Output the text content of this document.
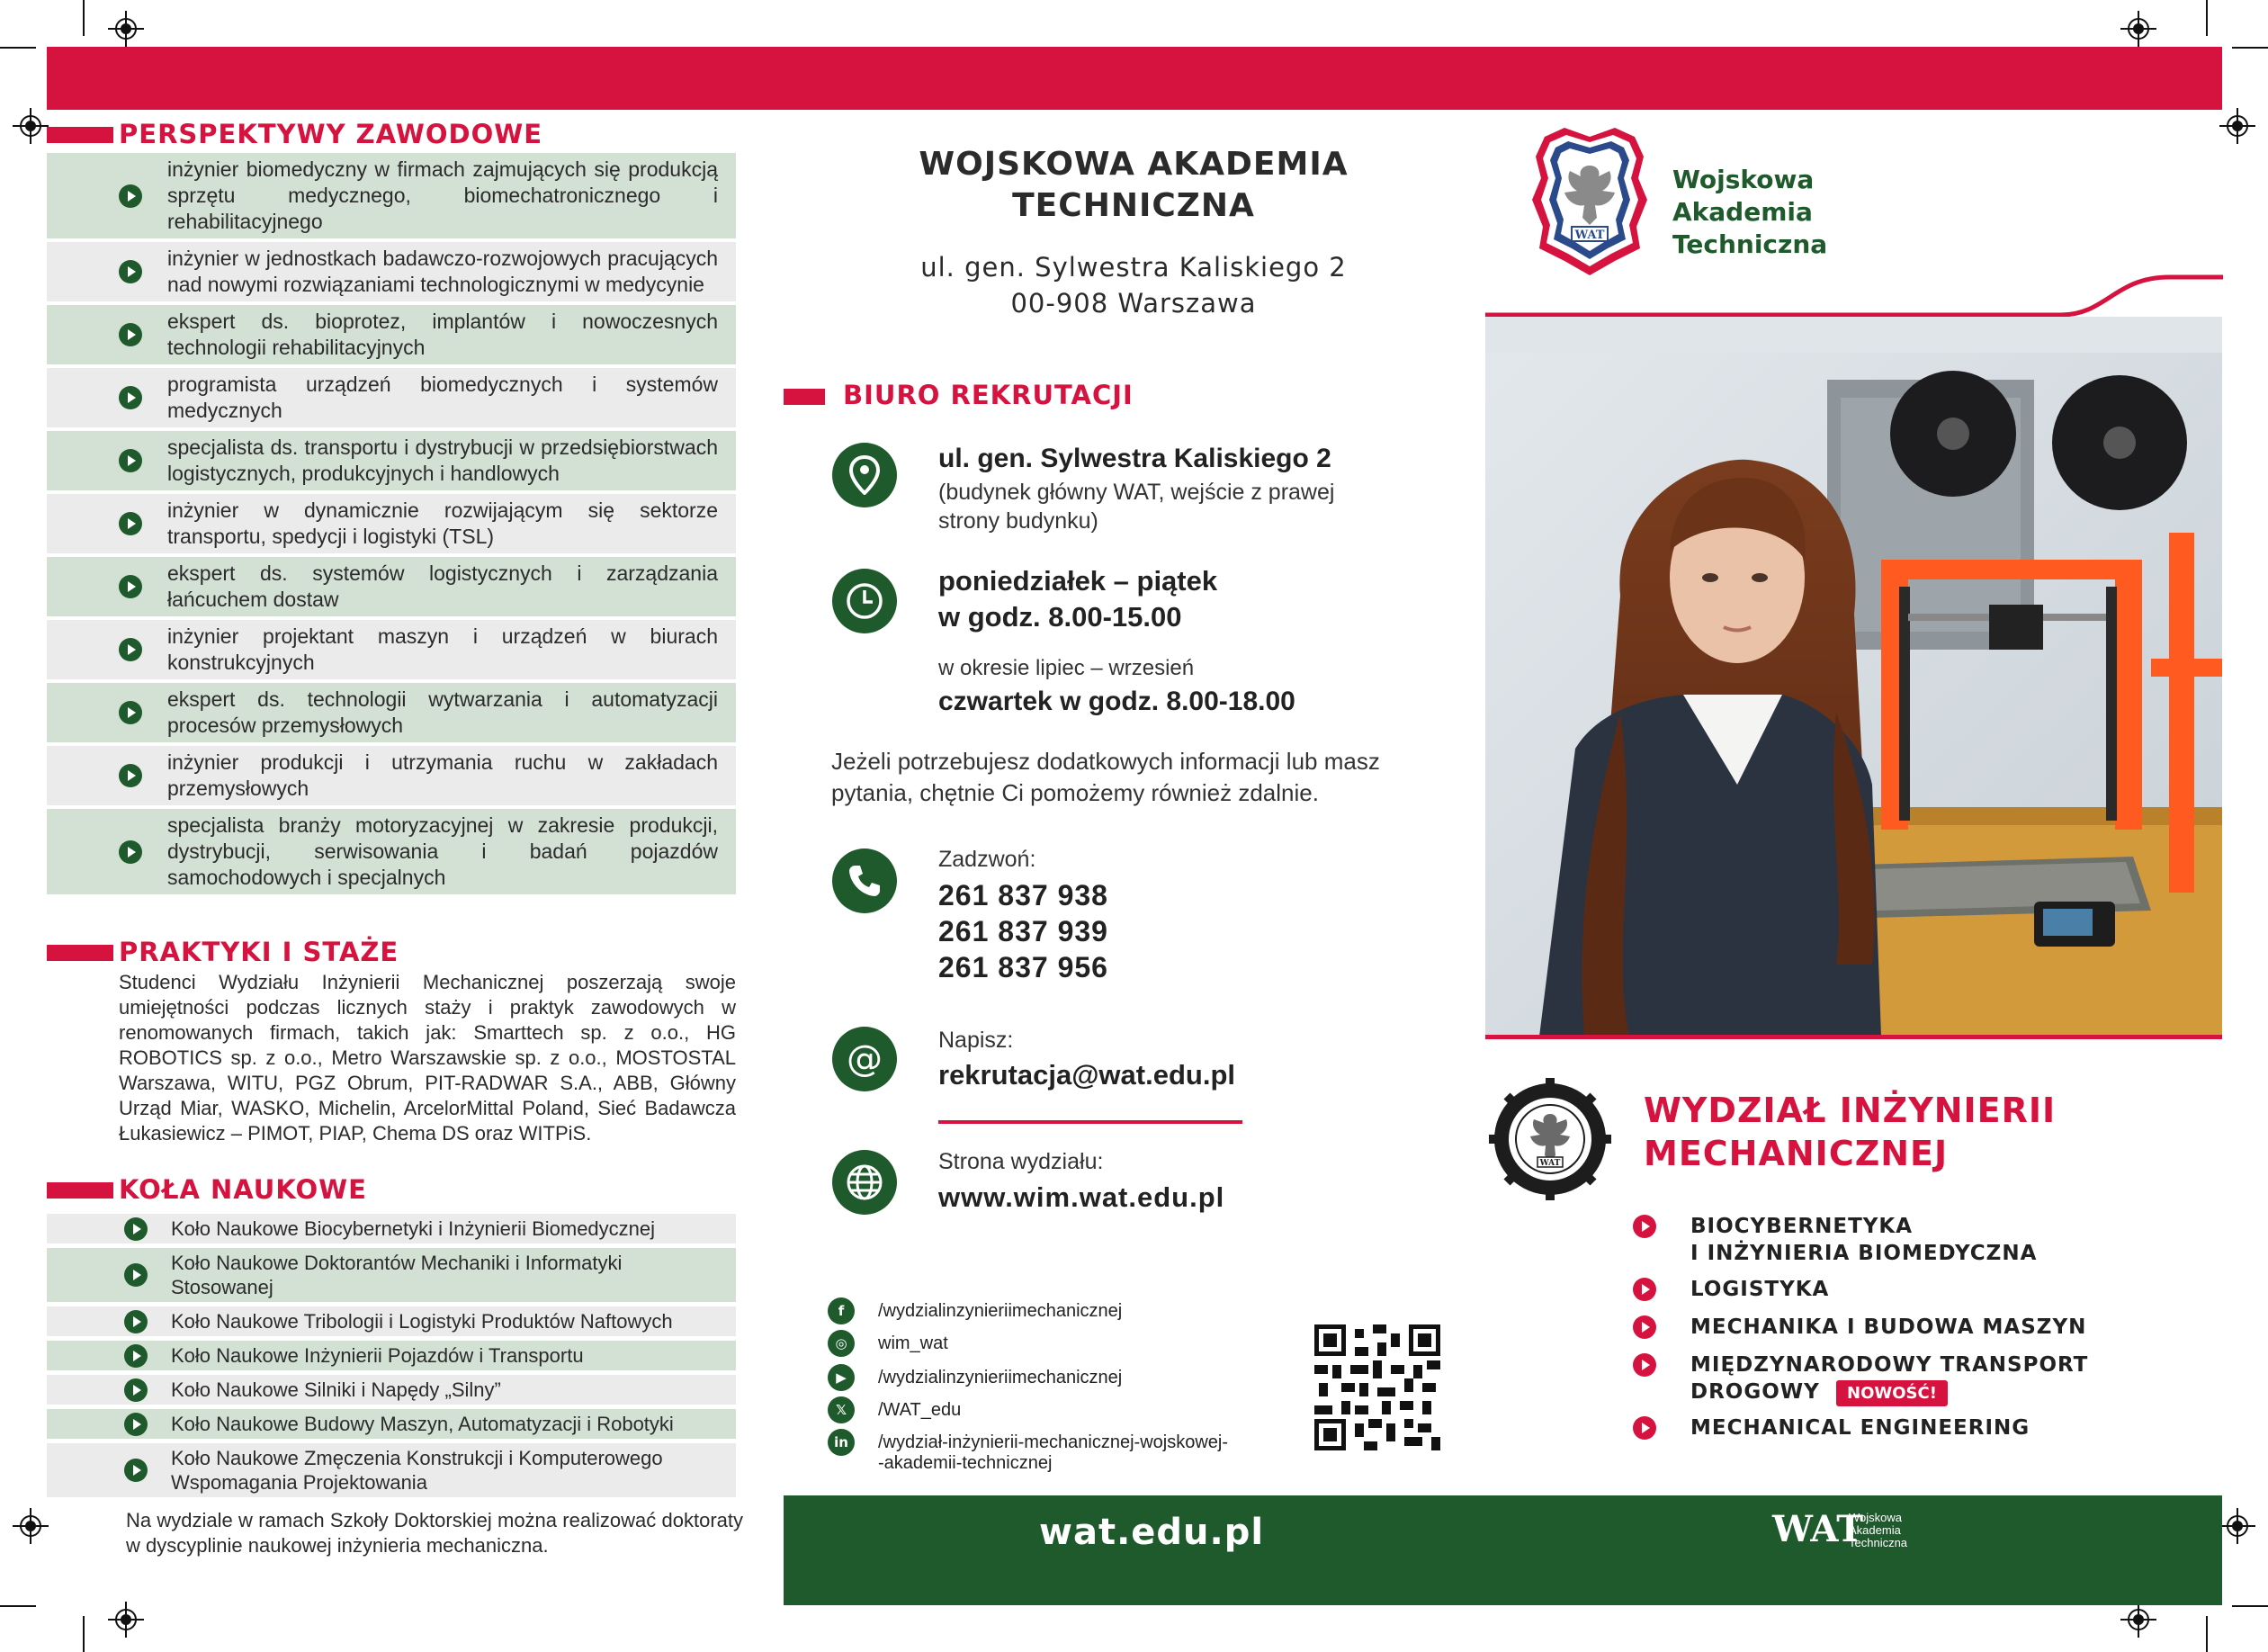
PERSPEKTYWY ZAWODOWE
inżynier biomedyczny w firmach zajmujących się produkcją sprzętu medycznego, biomechatronicznego i rehabilitacyjnego
inżynier w jednostkach badawczo-rozwojowych pracujących nad nowymi rozwiązaniami technologicznymi w medycynie
ekspert ds. bioprotez, implantów i nowoczesnych technologii rehabilitacyjnych
programista urządzeń biomedycznych i systemów medycznych
specjalista ds. transportu i dystrybucji w przedsiębiorstwach logistycznych, produkcyjnych i handlowych
inżynier w dynamicznie rozwijającym się sektorze transportu, spedycji i logistyki (TSL)
ekspert ds. systemów logistycznych i zarządzania łańcuchem dostaw
inżynier projektant maszyn i urządzeń w biurach konstrukcyjnych
ekspert ds. technologii wytwarzania i automatyzacji procesów przemysłowych
inżynier produkcji i utrzymania ruchu w zakładach przemysłowych
specjalista branży motoryzacyjnej w zakresie produkcji, dystrybucji, serwisowania i badań pojazdów samochodowych i specjalnych
PRAKTYKI I STAŻE
Studenci Wydziału Inżynierii Mechanicznej poszerzają swoje umiejętności podczas licznych staży i praktyk zawodowych w renomowanych firmach, takich jak: Smarttech sp. z o.o., HG ROBOTICS sp. z o.o., Metro Warszawskie sp. z o.o., MOSTOSTAL Warszawa, WITU, PGZ Obrum, PIT-RADWAR S.A., ABB, Główny Urząd Miar, WASKO, Michelin, ArcelorMittal Poland, Sieć Badawcza Łukasiewicz – PIMOT, PIAP, Chema DS oraz WITPiS.
KOŁA NAUKOWE
Koło Naukowe Biocybernetyki i Inżynierii Biomedycznej
Koło Naukowe Doktorantów Mechaniki i Informatyki Stosowanej
Koło Naukowe Tribologii i Logistyki Produktów Naftowych
Koło Naukowe Inżynierii Pojazdów i Transportu
Koło Naukowe Silniki i Napędy „Silny”
Koło Naukowe Budowy Maszyn, Automatyzacji i Robotyki
Koło Naukowe Zmęczenia Konstrukcji i Komputerowego Wspomagania Projektowania
Na wydziale w ramach Szkoły Doktorskiej można realizować doktoraty w dyscyplinie naukowej inżynieria mechaniczna.
WOJSKOWA AKADEMIA
TECHNICZNA
ul. gen. Sylwestra Kaliskiego 2
00-908 Warszawa
BIURO REKRUTACJI
ul. gen. Sylwestra Kaliskiego 2
(budynek główny WAT, wejście z prawej
strony budynku)
poniedziałek – piątek
w godz. 8.00-15.00
w okresie lipiec – wrzesień
czwartek w godz. 8.00-18.00
Jeżeli potrzebujesz dodatkowych informacji lub masz
pytania, chętnie Ci pomożemy również zdalnie.
Zadzwoń:
261 837 938
261 837 939
261 837 956
@ Napisz:
rekrutacja@wat.edu.pl
Strona wydziału:
www.wim.wat.edu.pl
f	/wydzialinzynieriimechanicznej
◎	wim_wat
▶	/wydzialinzynieriimechanicznej
𝕏	/WAT_edu
in	/wydział-inżynierii-mechanicznej-wojskowej-
-akademii-technicznej
wat.edu.pl	WAT
Wojskowa
Akademia
Techniczna
WAT
Wojskowa
Akademia
Techniczna
WAT
WYDZIAŁ INŻYNIERII
MECHANICZNEJ
BIOCYBERNETYKA
I INŻYNIERIA BIOMEDYCZNA
LOGISTYKA
MECHANIKA I BUDOWA MASZYN
MIĘDZYNARODOWY TRANSPORT
DROGOWY	NOWOŚĆ!
MECHANICAL ENGINEERING
